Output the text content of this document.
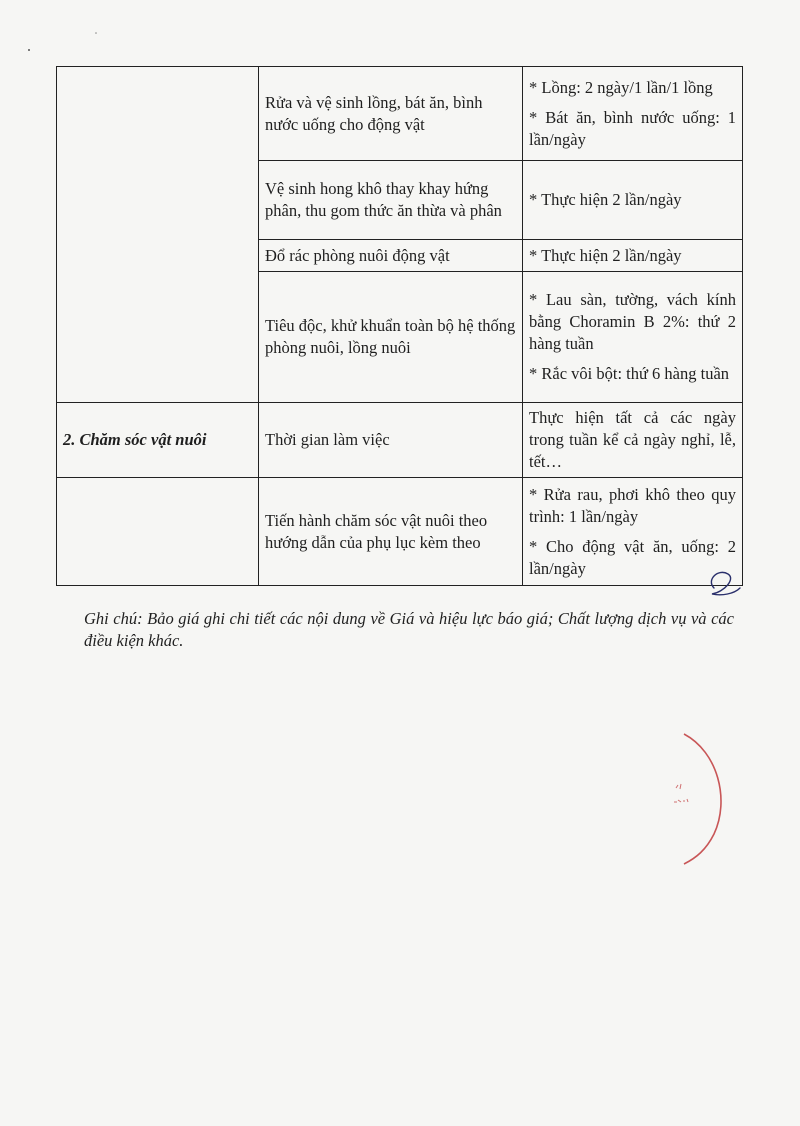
	Rửa và vệ sinh lồng, bát ăn, bình nước uống cho động vật	* Lồng: 2 ngày/1 lần/1 lồng
* Bát ăn, bình nước uống: 1 lần/ngày

	Vệ sinh hong khô thay khay hứng phân, thu gom thức ăn thừa và phân	* Thực hiện 2 lần/ngày

	Đổ rác phòng nuôi động vật	* Thực hiện 2 lần/ngày

	Tiêu độc, khử khuẩn toàn bộ hệ thống phòng nuôi, lồng nuôi	* Lau sàn, tường, vách kính bằng Choramin B 2%: thứ 2 hàng tuần
* Rắc vôi bột: thứ 6 hàng tuần

2. Chăm sóc vật nuôi	Thời gian làm việc	Thực hiện tất cả các ngày trong tuần kể cả ngày nghỉ, lễ, tết…

	Tiến hành chăm sóc vật nuôi theo hướng dẫn của phụ lục kèm theo	* Rửa rau, phơi khô theo quy trình: 1 lần/ngày
* Cho động vật ăn, uống: 2 lần/ngày
Ghi chú: Bảo giá ghi chi tiết các nội dung về Giá và hiệu lực báo giá; Chất lượng dịch vụ và các điều kiện khác.
